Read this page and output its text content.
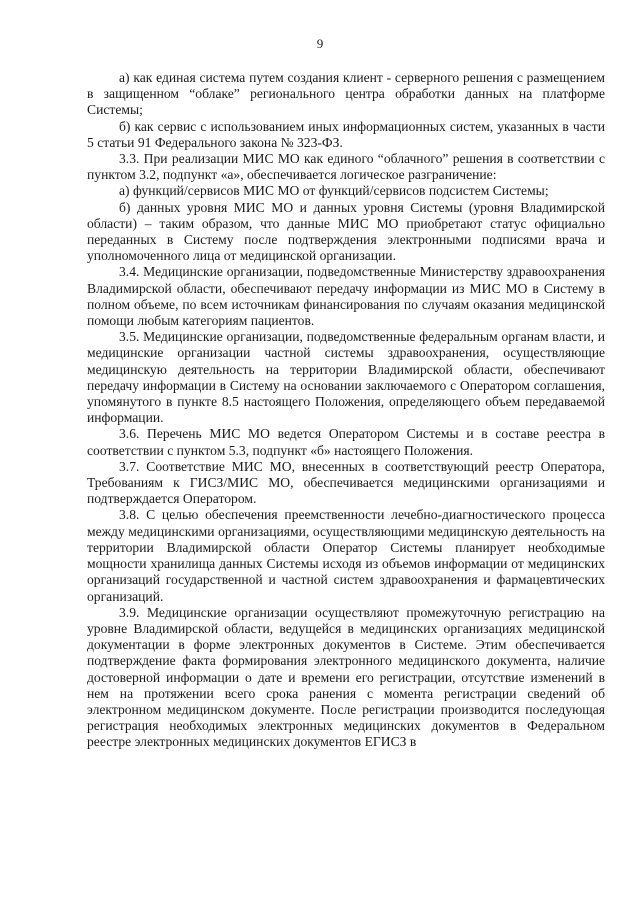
9

а) как единая система путем создания клиент - серверного решения с размещением в защищенном “облаке” регионального центра обработки данных на платформе Системы;

б) как сервис с использованием иных информационных систем, указанных в части 5 статьи 91 Федерального закона № 323-ФЗ.

3.3. При реализации МИС МО как единого “облачного” решения в соответствии с пунктом 3.2, подпункт «а», обеспечивается логическое разграничение:

а) функций/сервисов МИС МО от функций/сервисов подсистем Системы;

б) данных уровня МИС МО и данных уровня Системы (уровня Владимирской области) – таким образом, что данные МИС МО приобретают статус официально переданных в Систему после подтверждения электронными подписями врача и уполномоченного лица от медицинской организации.

3.4. Медицинские организации, подведомственные Министерству здравоохранения Владимирской области, обеспечивают передачу информации из МИС МО в Систему в полном объеме, по всем источникам финансирования по случаям оказания медицинской помощи любым категориям пациентов.

3.5. Медицинские организации, подведомственные федеральным органам власти, и медицинские организации частной системы здравоохранения, осуществляющие медицинскую деятельность на территории Владимирской области, обеспечивают передачу информации в Систему на основании заключаемого с Оператором соглашения, упомянутого в пункте 8.5 настоящего Положения, определяющего объем передаваемой информации.

3.6. Перечень МИС МО ведется Оператором Системы и в составе реестра в соответствии с пунктом 5.3, подпункт «б» настоящего Положения.

3.7. Соответствие МИС МО, внесенных в соответствующий реестр Оператора, Требованиям к ГИСЗ/МИС МО, обеспечивается медицинскими организациями и подтверждается Оператором.

3.8. С целью обеспечения преемственности лечебно-диагностического процесса между медицинскими организациями, осуществляющими медицинскую деятельность на территории Владимирской области Оператор Системы планирует необходимые мощности хранилища данных Системы исходя из объемов информации от медицинских организаций государственной и частной систем здравоохранения и фармацевтических организаций.

3.9. Медицинские организации осуществляют промежуточную регистрацию на уровне Владимирской области, ведущейся в медицинских организациях медицинской документации в форме электронных документов в Системе. Этим обеспечивается подтверждение факта формирования электронного медицинского документа, наличие достоверной информации о дате и времени его регистрации, отсутствие изменений в нем на протяжении всего срока ранения с момента регистрации сведений об электронном медицинском документе. После регистрации производится последующая регистрация необходимых электронных медицинских документов в Федеральном реестре электронных медицинских документов ЕГИСЗ в
